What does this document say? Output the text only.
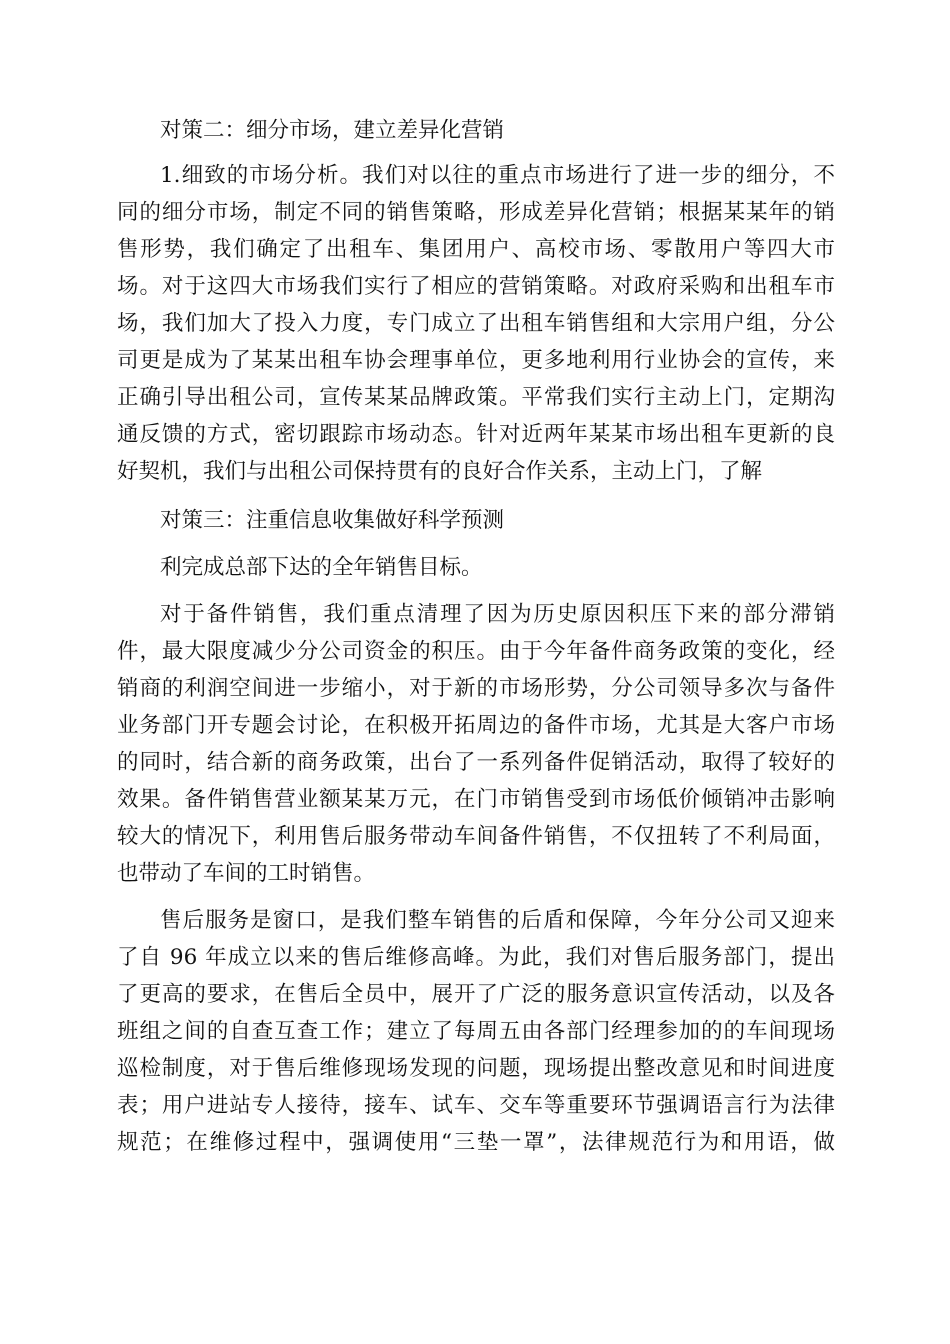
对策二：细分市场，建立差异化营销

1.细致的市场分析。我们对以往的重点市场进行了进一步的细分，不
同的细分市场，制定不同的销售策略，形成差异化营销；根据某某年的销
售形势，我们确定了出租车、集团用户、高校市场、零散用户等四大市
场。对于这四大市场我们实行了相应的营销策略。对政府采购和出租车市
场，我们加大了投入力度，专门成立了出租车销售组和大宗用户组，分公
司更是成为了某某出租车协会理事单位，更多地利用行业协会的宣传，来
正确引导出租公司，宣传某某品牌政策。平常我们实行主动上门，定期沟
通反馈的方式，密切跟踪市场动态。针对近两年某某市场出租车更新的良
好契机，我们与出租公司保持贯有的良好合作关系，主动上门，了解

对策三：注重信息收集做好科学预测

利完成总部下达的全年销售目标。

对于备件销售，我们重点清理了因为历史原因积压下来的部分滞销
件，最大限度减少分公司资金的积压。由于今年备件商务政策的变化，经
销商的利润空间进一步缩小，对于新的市场形势，分公司领导多次与备件
业务部门开专题会讨论，在积极开拓周边的备件市场，尤其是大客户市场
的同时，结合新的商务政策，出台了一系列备件促销活动，取得了较好的
效果。备件销售营业额某某万元，在门市销售受到市场低价倾销冲击影响
较大的情况下，利用售后服务带动车间备件销售，不仅扭转了不利局面，
也带动了车间的工时销售。

售后服务是窗口，是我们整车销售的后盾和保障，今年分公司又迎来
了自 96 年成立以来的售后维修高峰。为此，我们对售后服务部门，提出
了更高的要求，在售后全员中，展开了广泛的服务意识宣传活动，以及各
班组之间的自查互查工作；建立了每周五由各部门经理参加的的车间现场
巡检制度，对于售后维修现场发现的问题，现场提出整改意见和时间进度
表；用户进站专人接待，接车、试车、交车等重要环节强调语言行为法律
规范；在维修过程中，强调使用“三垫一罩”，法律规范行为和用语，做
